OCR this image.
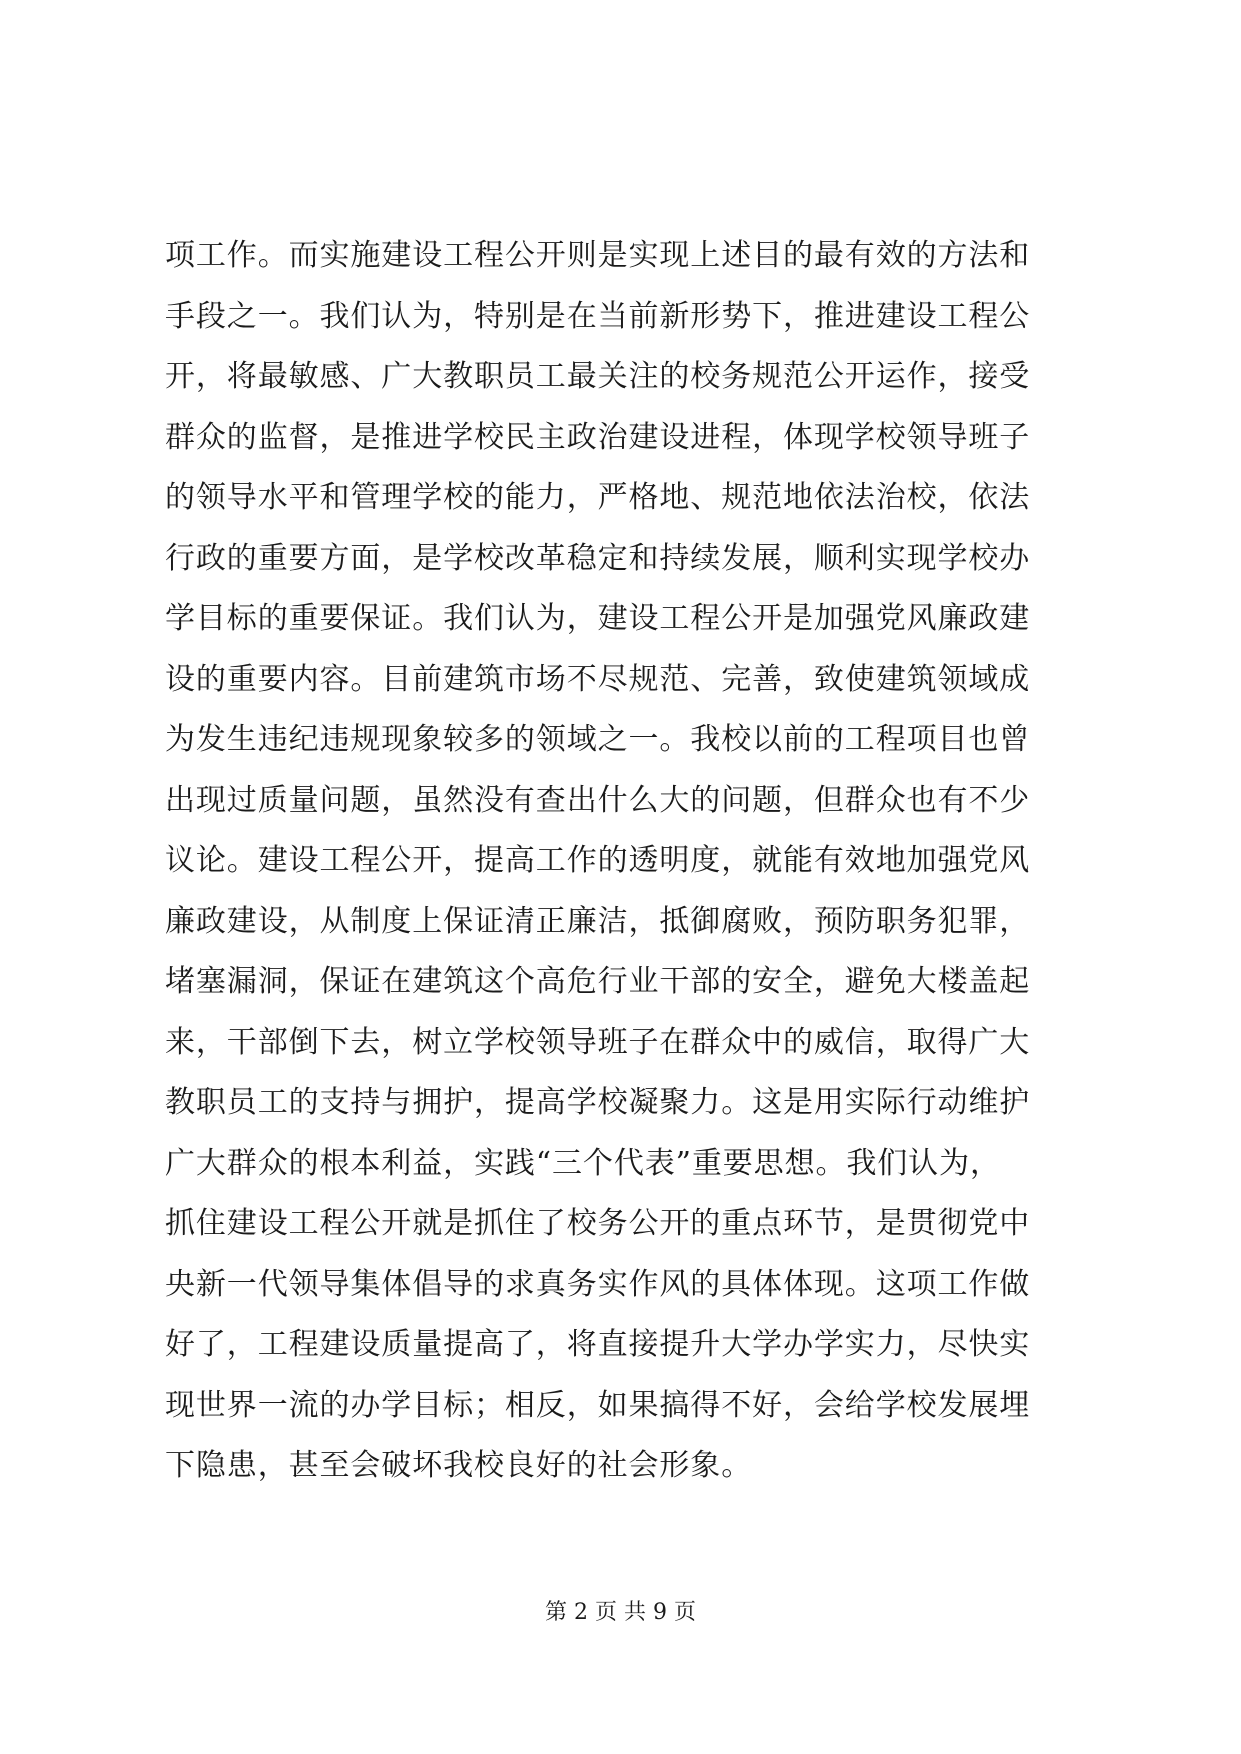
项工作。而实施建设工程公开则是实现上述目的最有效的方法和
手段之一。我们认为，特别是在当前新形势下，推进建设工程公
开，将最敏感、广大教职员工最关注的校务规范公开运作，接受
群众的监督，是推进学校民主政治建设进程，体现学校领导班子
的领导水平和管理学校的能力，严格地、规范地依法治校，依法
行政的重要方面，是学校改革稳定和持续发展，顺利实现学校办
学目标的重要保证。我们认为，建设工程公开是加强党风廉政建
设的重要内容。目前建筑市场不尽规范、完善，致使建筑领域成
为发生违纪违规现象较多的领域之一。我校以前的工程项目也曾
出现过质量问题，虽然没有查出什么大的问题，但群众也有不少
议论。建设工程公开，提高工作的透明度，就能有效地加强党风
廉政建设，从制度上保证清正廉洁，抵御腐败，预防职务犯罪，
堵塞漏洞，保证在建筑这个高危行业干部的安全，避免大楼盖起
来，干部倒下去，树立学校领导班子在群众中的威信，取得广大
教职员工的支持与拥护，提高学校凝聚力。这是用实际行动维护
广大群众的根本利益，实践“三个代表”重要思想。我们认为，
抓住建设工程公开就是抓住了校务公开的重点环节，是贯彻党中
央新一代领导集体倡导的求真务实作风的具体体现。这项工作做
好了，工程建设质量提高了，将直接提升大学办学实力，尽快实
现世界一流的办学目标；相反，如果搞得不好，会给学校发展埋
下隐患，甚至会破坏我校良好的社会形象。
第 2 页 共 9 页
